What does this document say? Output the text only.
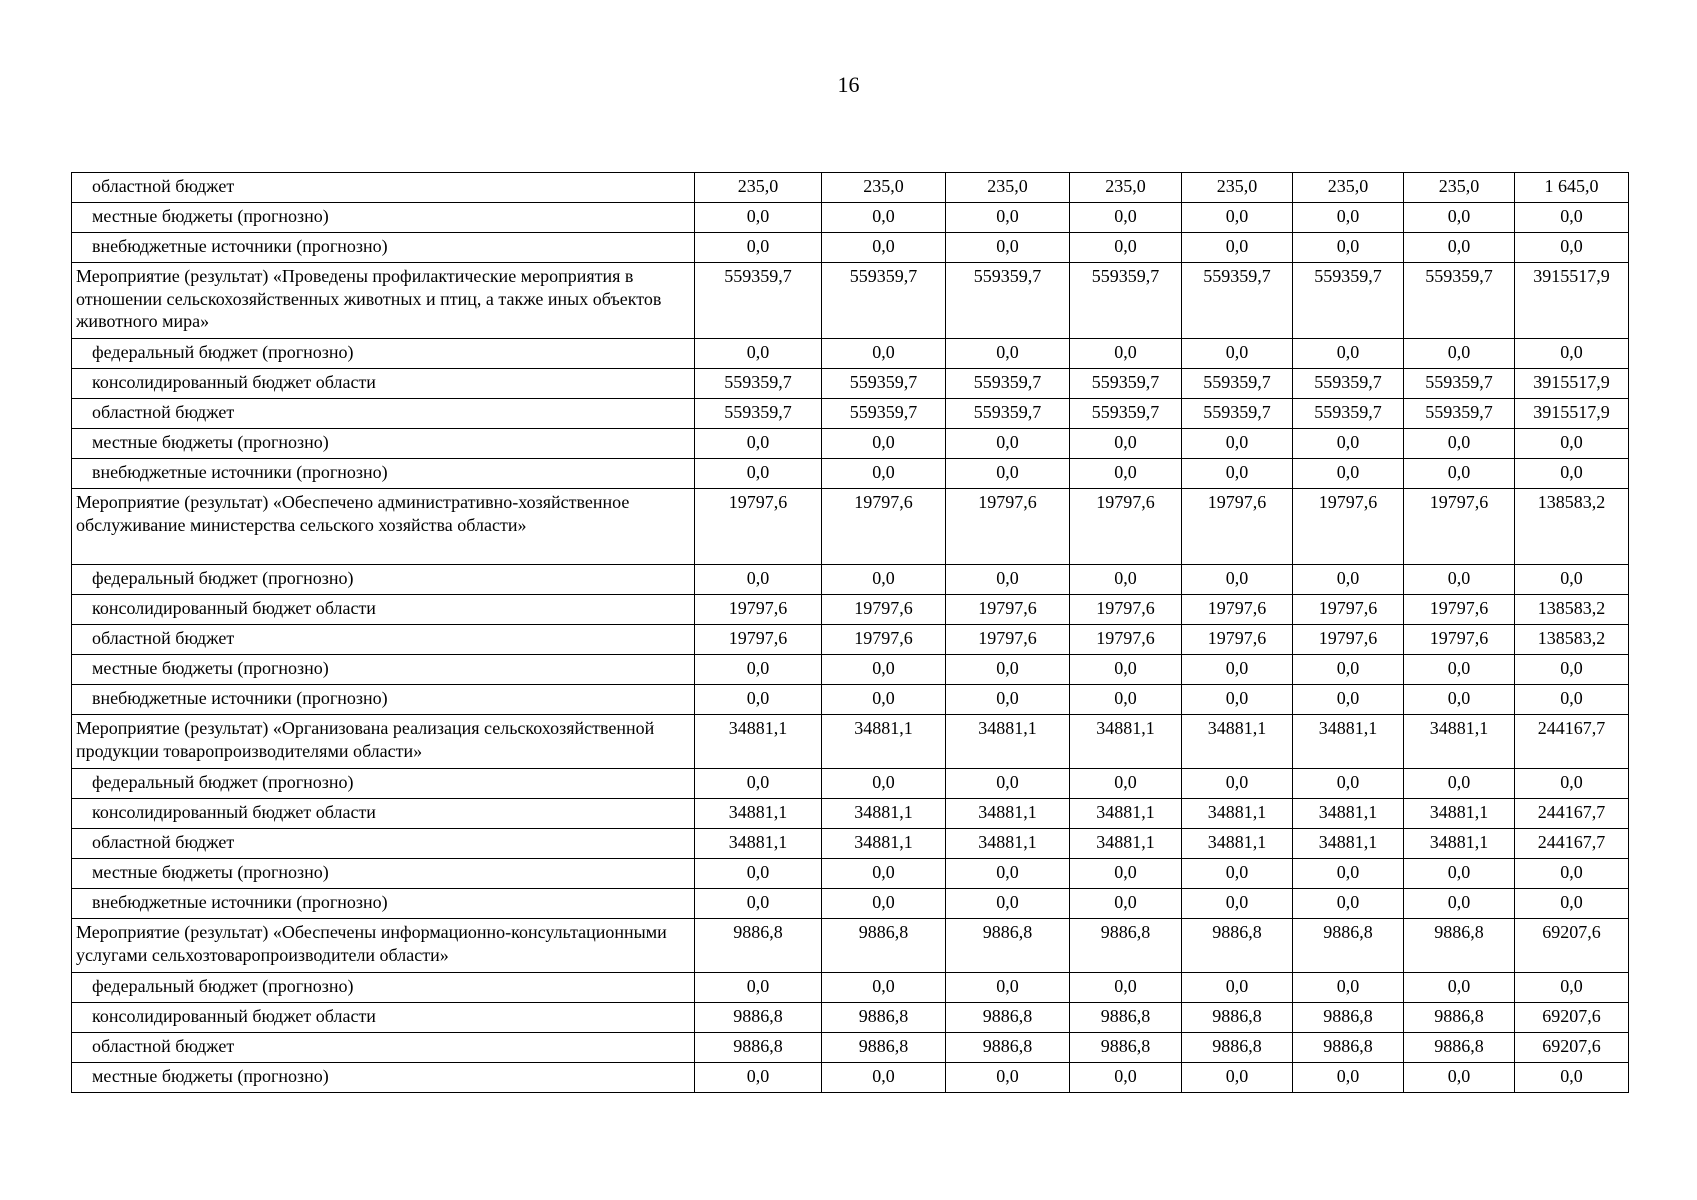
16
областной бюджет	235,0	235,0	235,0	235,0	235,0	235,0	235,0	1 645,0
местные бюджеты (прогнозно)	0,0	0,0	0,0	0,0	0,0	0,0	0,0	0,0
внебюджетные источники (прогнозно)	0,0	0,0	0,0	0,0	0,0	0,0	0,0	0,0
Мероприятие (результат) «Проведены профилактические мероприятия в отношении сельскохозяйственных животных и птиц, а также иных объектов животного мира»	559359,7	559359,7	559359,7	559359,7	559359,7	559359,7	559359,7	3915517,9
федеральный бюджет (прогнозно)	0,0	0,0	0,0	0,0	0,0	0,0	0,0	0,0
консолидированный бюджет области	559359,7	559359,7	559359,7	559359,7	559359,7	559359,7	559359,7	3915517,9
областной бюджет	559359,7	559359,7	559359,7	559359,7	559359,7	559359,7	559359,7	3915517,9
местные бюджеты (прогнозно)	0,0	0,0	0,0	0,0	0,0	0,0	0,0	0,0
внебюджетные источники (прогнозно)	0,0	0,0	0,0	0,0	0,0	0,0	0,0	0,0
Мероприятие (результат) «Обеспечено административно-хозяйственное обслуживание министерства сельского хозяйства области»	19797,6	19797,6	19797,6	19797,6	19797,6	19797,6	19797,6	138583,2
федеральный бюджет (прогнозно)	0,0	0,0	0,0	0,0	0,0	0,0	0,0	0,0
консолидированный бюджет области	19797,6	19797,6	19797,6	19797,6	19797,6	19797,6	19797,6	138583,2
областной бюджет	19797,6	19797,6	19797,6	19797,6	19797,6	19797,6	19797,6	138583,2
местные бюджеты (прогнозно)	0,0	0,0	0,0	0,0	0,0	0,0	0,0	0,0
внебюджетные источники (прогнозно)	0,0	0,0	0,0	0,0	0,0	0,0	0,0	0,0
Мероприятие (результат) «Организована реализация сельскохозяйственной продукции товаропроизводителями области»	34881,1	34881,1	34881,1	34881,1	34881,1	34881,1	34881,1	244167,7
федеральный бюджет (прогнозно)	0,0	0,0	0,0	0,0	0,0	0,0	0,0	0,0
консолидированный бюджет области	34881,1	34881,1	34881,1	34881,1	34881,1	34881,1	34881,1	244167,7
областной бюджет	34881,1	34881,1	34881,1	34881,1	34881,1	34881,1	34881,1	244167,7
местные бюджеты (прогнозно)	0,0	0,0	0,0	0,0	0,0	0,0	0,0	0,0
внебюджетные источники (прогнозно)	0,0	0,0	0,0	0,0	0,0	0,0	0,0	0,0
Мероприятие (результат) «Обеспечены информационно-консультационными услугами сельхозтоваропроизводители области»	9886,8	9886,8	9886,8	9886,8	9886,8	9886,8	9886,8	69207,6
федеральный бюджет (прогнозно)	0,0	0,0	0,0	0,0	0,0	0,0	0,0	0,0
консолидированный бюджет области	9886,8	9886,8	9886,8	9886,8	9886,8	9886,8	9886,8	69207,6
областной бюджет	9886,8	9886,8	9886,8	9886,8	9886,8	9886,8	9886,8	69207,6
местные бюджеты (прогнозно)	0,0	0,0	0,0	0,0	0,0	0,0	0,0	0,0
